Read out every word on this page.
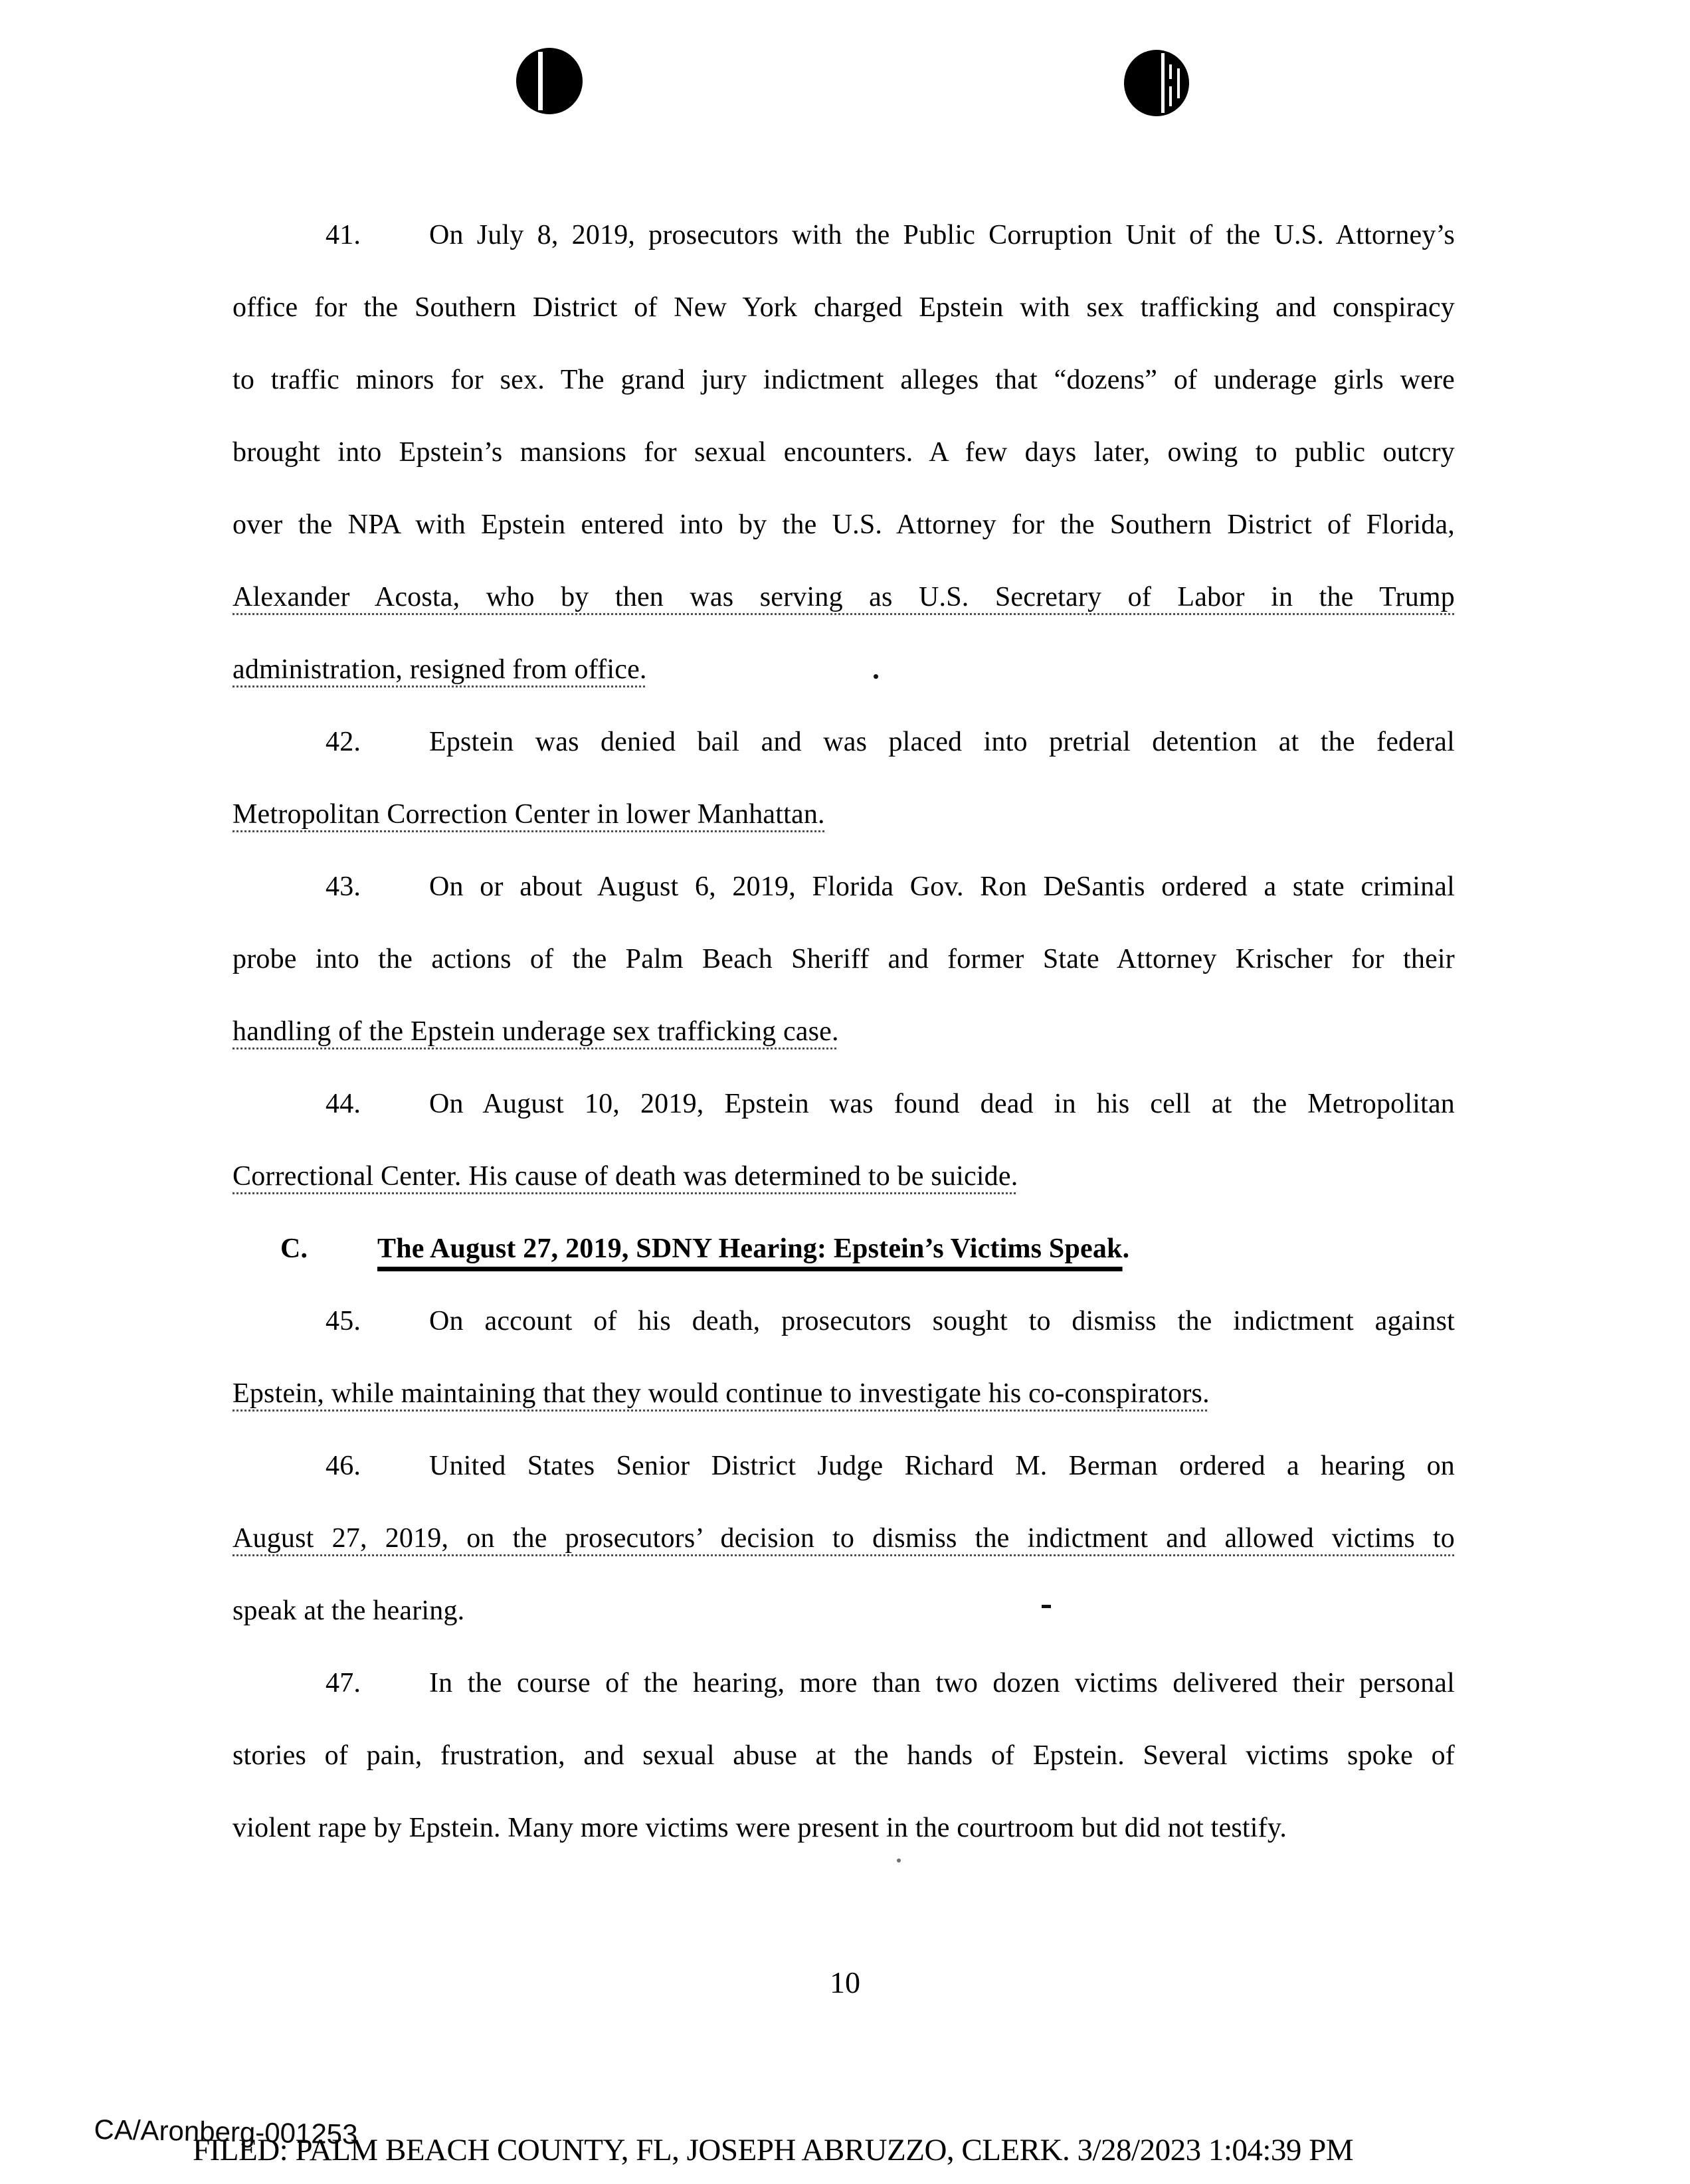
41. On July 8, 2019, prosecutors with the Public Corruption Unit of the U.S. Attorney’s
office for the Southern District of New York charged Epstein with sex trafficking and conspiracy
to traffic minors for sex. The grand jury indictment alleges that “dozens” of underage girls were
brought into Epstein’s mansions for sexual encounters. A few days later, owing to public outcry
over the NPA with Epstein entered into by the U.S. Attorney for the Southern District of Florida,
Alexander Acosta, who by then was serving as U.S. Secretary of Labor in the Trump
administration, resigned from office.
42. Epstein was denied bail and was placed into pretrial detention at the federal
Metropolitan Correction Center in lower Manhattan.
43. On or about August 6, 2019, Florida Gov. Ron DeSantis ordered a state criminal
probe into the actions of the Palm Beach Sheriff and former State Attorney Krischer for their
handling of the Epstein underage sex trafficking case.
44. On August 10, 2019, Epstein was found dead in his cell at the Metropolitan
Correctional Center. His cause of death was determined to be suicide.
C. The August 27, 2019, SDNY Hearing: Epstein’s Victims Speak.
45. On account of his death, prosecutors sought to dismiss the indictment against
Epstein, while maintaining that they would continue to investigate his co-conspirators.
46. United States Senior District Judge Richard M. Berman ordered a hearing on
August 27, 2019, on the prosecutors’ decision to dismiss the indictment and allowed victims to
speak at the hearing.
47. In the course of the hearing, more than two dozen victims delivered their personal
stories of pain, frustration, and sexual abuse at the hands of Epstein. Several victims spoke of
violent rape by Epstein. Many more victims were present in the courtroom but did not testify.
10
CA/Aronberg-001253
FILED: PALM BEACH COUNTY, FL, JOSEPH ABRUZZO, CLERK. 3/28/2023 1:04:39 PM
